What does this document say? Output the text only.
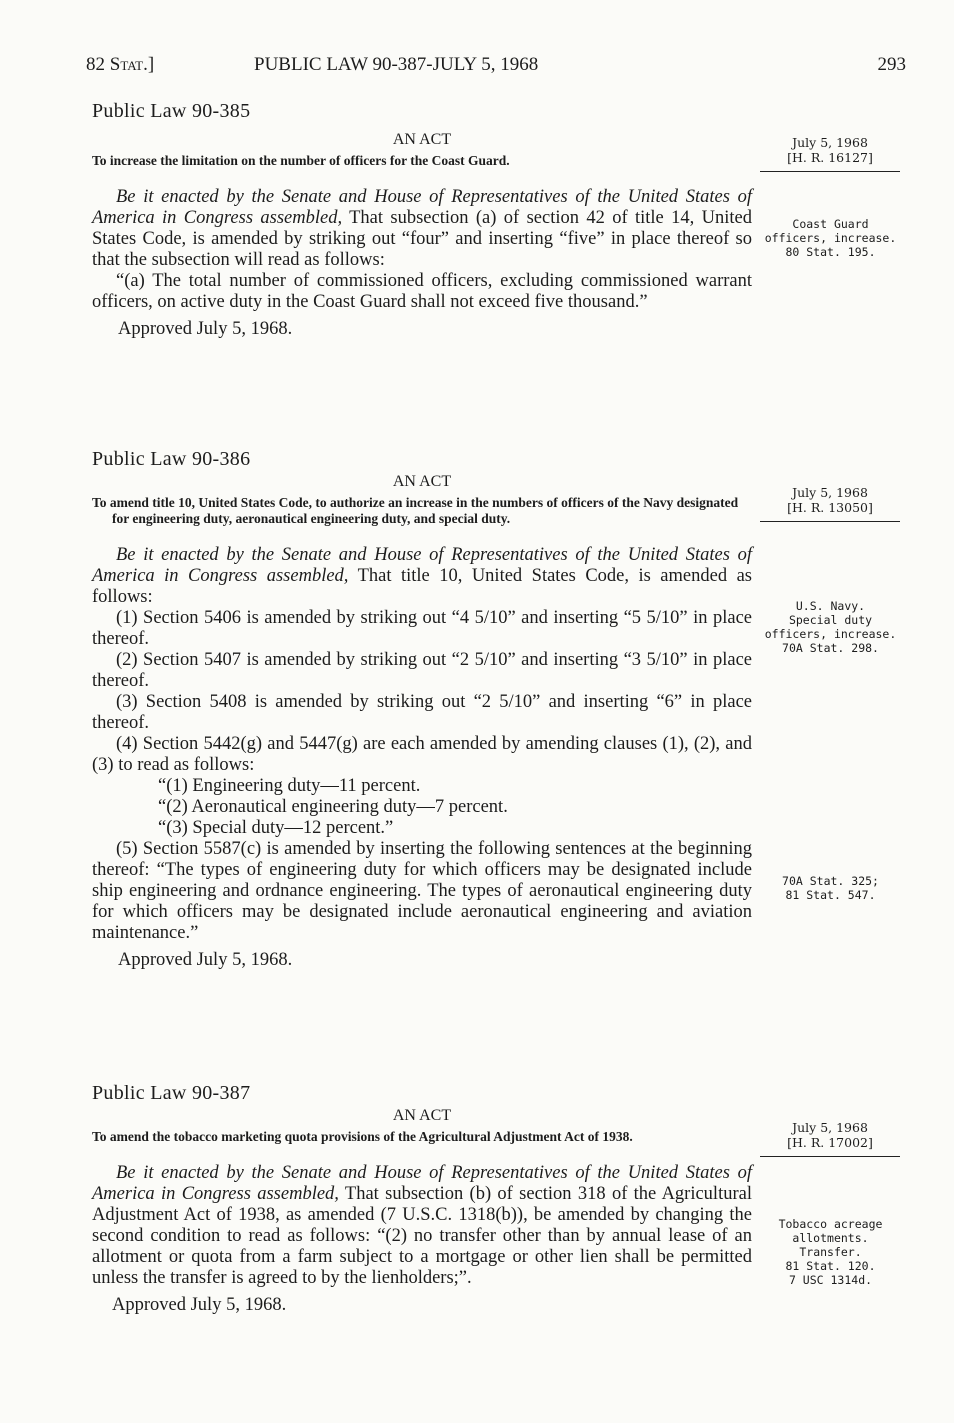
82 Stat.]	PUBLIC LAW 90-387-JULY 5, 1968	293
Public Law 90-385
AN ACT
To increase the limitation on the number of officers for the Coast Guard.

Be it enacted by the Senate and House of Representatives of the United States of America in Congress assembled, That subsection (a) of section 42 of title 14, United States Code, is amended by striking out “four” and inserting “five” in place thereof so that the subsection will read as follows:

“(a) The total number of commissioned officers, excluding commissioned warrant officers, on active duty in the Coast Guard shall not exceed five thousand.”

Approved July 5, 1968.
July 5, 1968
[H. R. 16127]
Coast Guard
officers, increase.
80 Stat. 195.
Public Law 90-386
AN ACT
To amend title 10, United States Code, to authorize an increase in the numbers of officers of the Navy designated for engineering duty, aeronautical engineering duty, and special duty.

Be it enacted by the Senate and House of Representatives of the United States of America in Congress assembled, That title 10, United States Code, is amended as follows:

(1) Section 5406 is amended by striking out “4 5/10” and inserting “5 5/10” in place thereof.

(2) Section 5407 is amended by striking out “2 5/10” and inserting “3 5/10” in place thereof.

(3) Section 5408 is amended by striking out “2 5/10” and inserting “6” in place thereof.

(4) Section 5442(g) and 5447(g) are each amended by amending clauses (1), (2), and (3) to read as follows:

“(1) Engineering duty—11 percent.

“(2) Aeronautical engineering duty—7 percent.

“(3) Special duty—12 percent.”

(5) Section 5587(c) is amended by inserting the following sentences at the beginning thereof: “The types of engineering duty for which officers may be designated include ship engineering and ordnance engineering. The types of aeronautical engineering duty for which officers may be designated include aeronautical engineering and aviation maintenance.”

Approved July 5, 1968.
July 5, 1968
[H. R. 13050]
U.S. Navy.
Special duty
officers, increase.
70A Stat. 298.
70A Stat. 325;
81 Stat. 547.
Public Law 90-387
AN ACT
To amend the tobacco marketing quota provisions of the Agricultural Adjustment Act of 1938.

Be it enacted by the Senate and House of Representatives of the United States of America in Congress assembled, That subsection (b) of section 318 of the Agricultural Adjustment Act of 1938, as amended (7 U.S.C. 1318(b)), be amended by changing the second condition to read as follows: “(2) no transfer other than by annual lease of an allotment or quota from a farm subject to a mortgage or other lien shall be permitted unless the transfer is agreed to by the lienholders;”.

Approved July 5, 1968.
July 5, 1968
[H. R. 17002]
Tobacco acreage
allotments.
Transfer.
81 Stat. 120.
7 USC 1314d.
